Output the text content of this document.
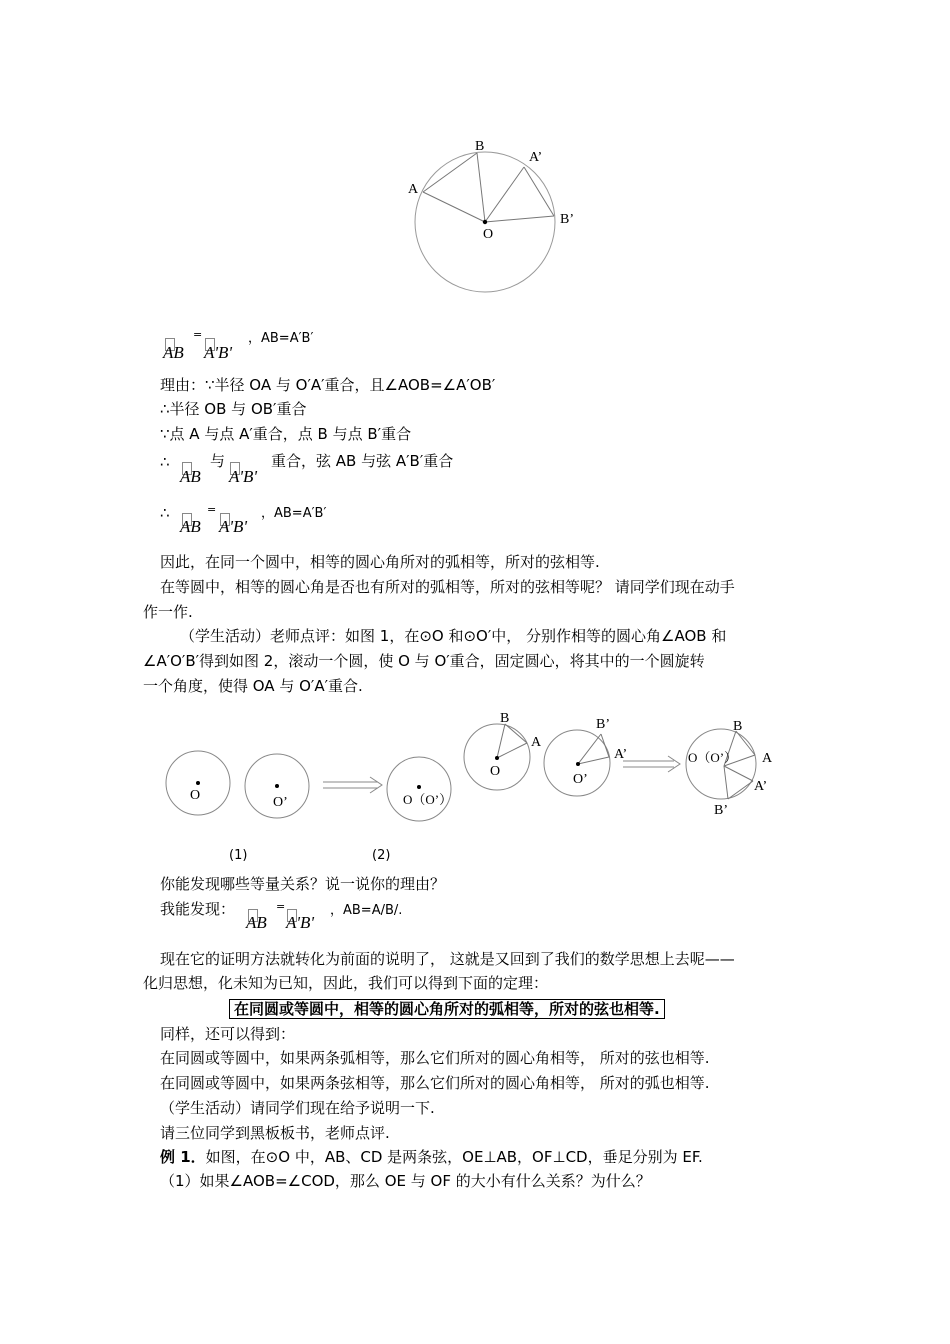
B
A’
A
B’
O
AB
=
A'B'
，AB=A′B′
理由：∵半径 OA 与 O′A′重合，且∠AOB=∠A′OB′
∴半径 OB 与 OB′重合
∵点 A 与点 A′重合，点 B 与点 B′重合
∴
AB
与
A'B'
重合，弦 AB 与弦 A′B′重合
∴
AB
=
A'B'
，AB=A′B′
因此，在同一个圆中，相等的圆心角所对的弧相等，所对的弦相等.
在等圆中，相等的圆心角是否也有所对的弧相等，所对的弦相等呢？ 请同学们现在动手
作一作.
（学生活动）老师点评：如图 1，在⊙O 和⊙O′中， 分别作相等的圆心角∠AOB 和
∠A′O′B′得到如图 2，滚动一个圆，使 O 与 O′重合，固定圆心，将其中的一个圆旋转
一个角度，使得 OA 与 O′A′重合.
O	O’	O（O’）
B
A
O
B’
A’
O’
O（O’）
B
A
A’
B’
(1)	(2)
你能发现哪些等量关系？说一说你的理由？
我能发现：
AB
=
A'B'
，AB=A/B/.
现在它的证明方法就转化为前面的说明了， 这就是又回到了我们的数学思想上去呢——
化归思想，化未知为已知，因此，我们可以得到下面的定理：
在同圆或等圆中，相等的圆心角所对的弧相等，所对的弦也相等.
同样，还可以得到：
在同圆或等圆中，如果两条弧相等，那么它们所对的圆心角相等， 所对的弦也相等.
在同圆或等圆中，如果两条弦相等，那么它们所对的圆心角相等， 所对的弧也相等.
（学生活动）请同学们现在给予说明一下.
请三位同学到黑板板书，老师点评.
例 1．如图，在⊙O 中，AB、CD 是两条弦，OE⊥AB，OF⊥CD，垂足分别为 EF.
（1）如果∠AOB=∠COD，那么 OE 与 OF 的大小有什么关系？为什么？
